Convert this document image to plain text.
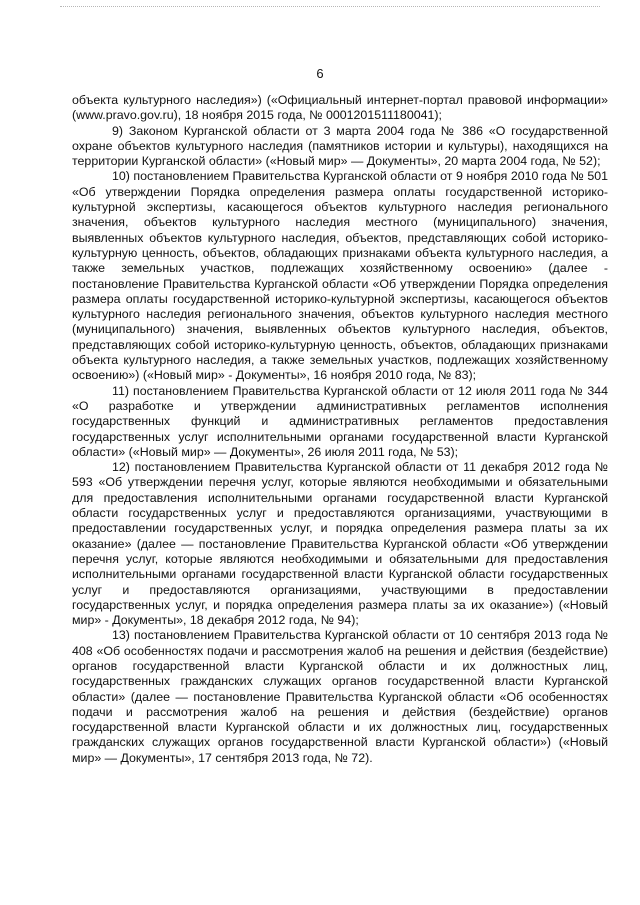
6

объекта культурного наследия») («Официальный интернет-портал правовой информации» (www.pravo.gov.ru), 18 ноября 2015 года, № 0001201511180041);

9) Законом Курганской области от 3 марта 2004 года № 386 «О государственной охране объектов культурного наследия (памятников истории и культуры), находящихся на территории Курганской области» («Новый мир» — Документы», 20 марта 2004 года, № 52);

10) постановлением Правительства Курганской области от 9 ноября 2010 года № 501 «Об утверждении Порядка определения размера оплаты государственной историко-культурной экспертизы, касающегося объектов культурного наследия регионального значения, объектов культурного наследия местного (муниципального) значения, выявленных объектов культурного наследия, объектов, представляющих собой историко-культурную ценность, объектов, обладающих признаками объекта культурного наследия, а также земельных участков, подлежащих хозяйственному освоению» (далее - постановление Правительства Курганской области «Об утверждении Порядка определения размера оплаты государственной историко-культурной экспертизы, касающегося объектов культурного наследия регионального значения, объектов культурного наследия местного (муниципального) значения, выявленных объектов культурного наследия, объектов, представляющих собой историко-культурную ценность, объектов, обладающих признаками объекта культурного наследия, а также земельных участков, подлежащих хозяйственному освоению») («Новый мир» - Документы», 16 ноября 2010 года, № 83);

11) постановлением Правительства Курганской области от 12 июля 2011 года № 344 «О разработке и утверждении административных регламентов исполнения государственных функций и административных регламентов предоставления государственных услуг исполнительными органами государственной власти Курганской области» («Новый мир» — Документы», 26 июля 2011 года, № 53);

12) постановлением Правительства Курганской области от 11 декабря 2012 года № 593 «Об утверждении перечня услуг, которые являются необходимыми и обязательными для предоставления исполнительными органами государственной власти Курганской области государственных услуг и предоставляются организациями, участвующими в предоставлении государственных услуг, и порядка определения размера платы за их оказание» (далее — постановление Правительства Курганской области «Об утверждении перечня услуг, которые являются необходимыми и обязательными для предоставления исполнительными органами государственной власти Курганской области государственных услуг и предоставляются организациями, участвующими в предоставлении государственных услуг, и порядка определения размера платы за их оказание») («Новый мир» - Документы», 18 декабря 2012 года, № 94);

13) постановлением Правительства Курганской области от 10 сентября 2013 года № 408 «Об особенностях подачи и рассмотрения жалоб на решения и действия (бездействие) органов государственной власти Курганской области и их должностных лиц, государственных гражданских служащих органов государственной власти Курганской области» (далее — постановление Правительства Курганской области «Об особенностях подачи и рассмотрения жалоб на решения и действия (бездействие) органов государственной власти Курганской области и их должностных лиц, государственных гражданских служащих органов государственной власти Курганской области») («Новый мир» — Документы», 17 сентября 2013 года, № 72).
